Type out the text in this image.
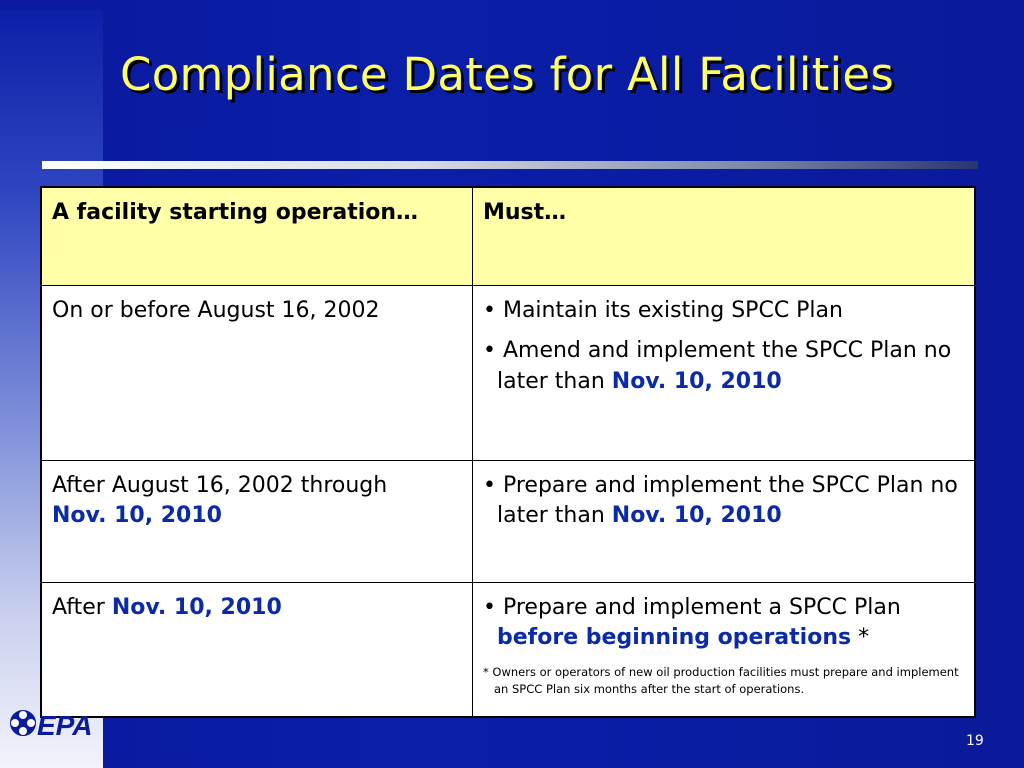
Compliance Dates for All Facilities
A facility starting operation…	Must…
On or before August 16, 2002	• Maintain its existing SPCC Plan
• Amend and implement the SPCC Plan no later than Nov. 10, 2010

After August 16, 2002 through
Nov. 10, 2010	• Prepare and implement the SPCC Plan no later than Nov. 10, 2010

After Nov. 10, 2010	• Prepare and implement a SPCC Plan before beginning operations *
* Owners or operators of new oil production facilities must prepare and implement an SPCC Plan six months after the start of operations.
EPA	19
